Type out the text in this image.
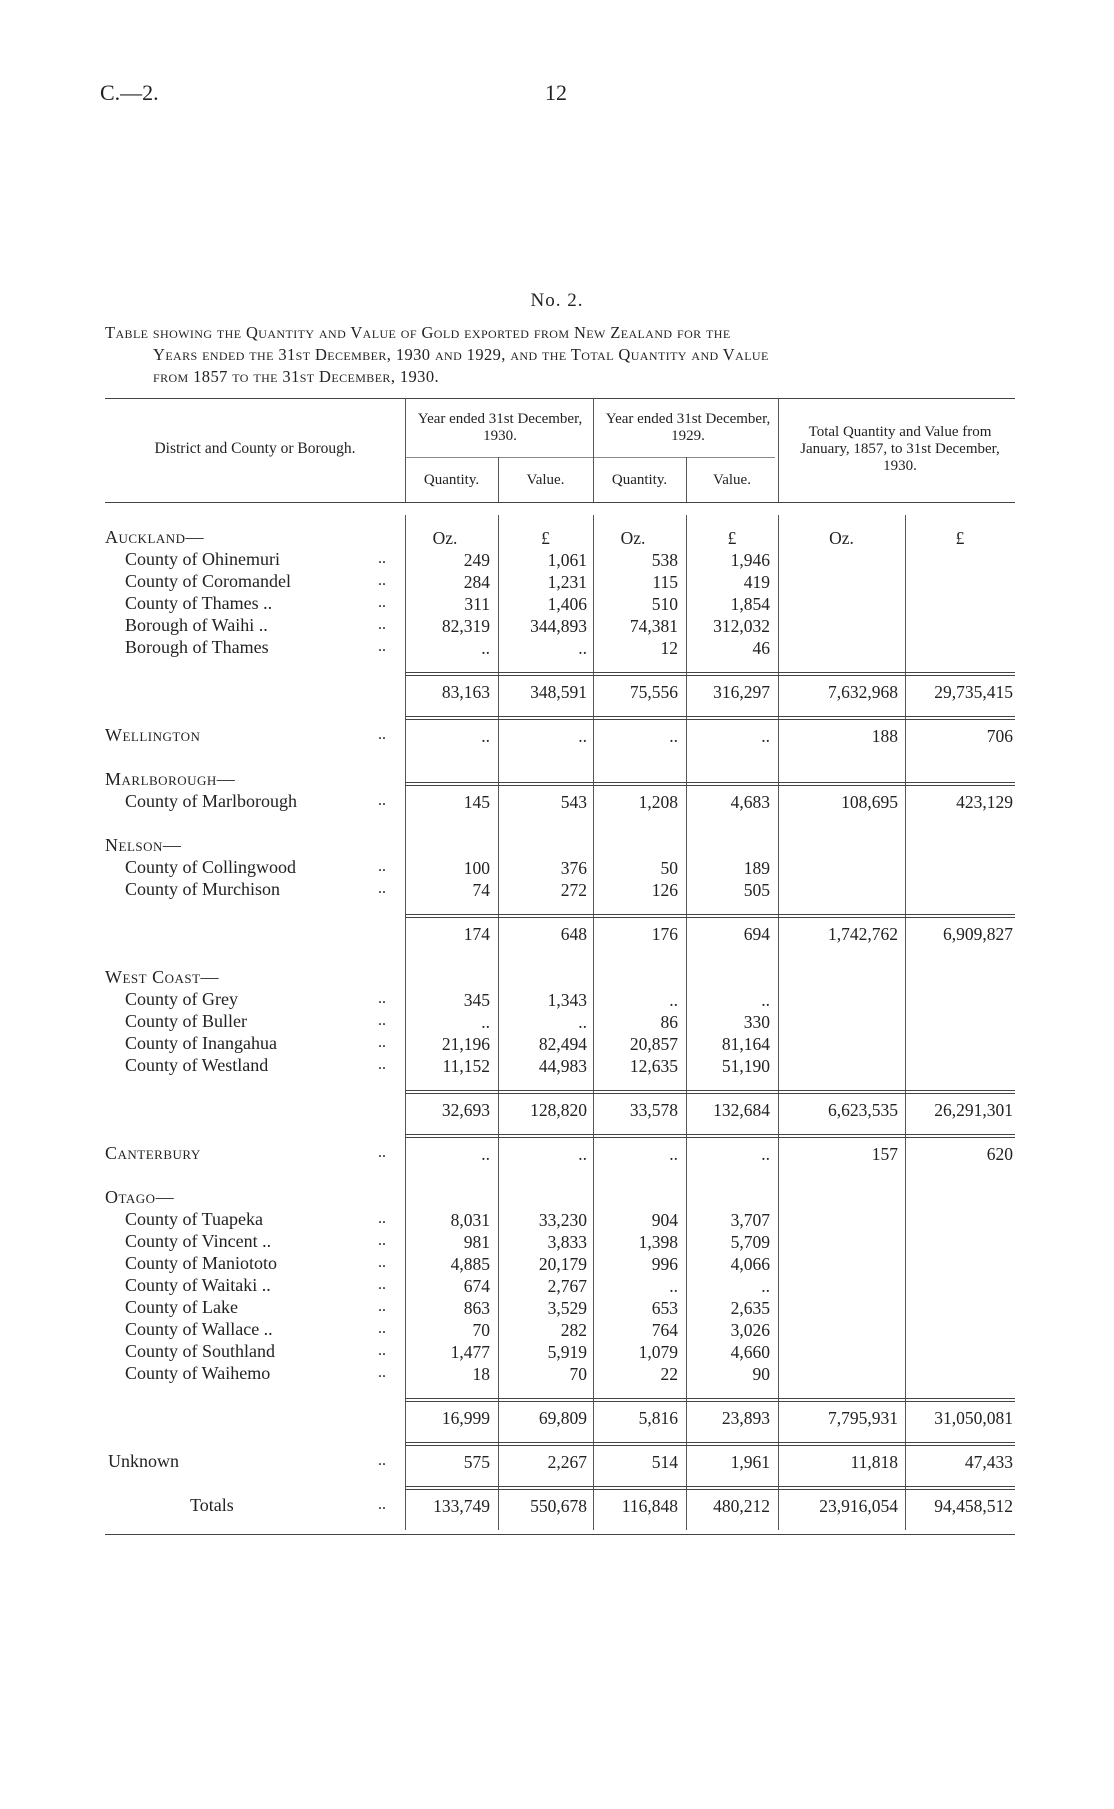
C.—2.	12
No. 2.
Table showing the Quantity and Value of Gold exported from New Zealand for the
Years ended the 31st December, 1930 and 1929, and the Total Quantity and Value
from 1857 to the 31st December, 1930.
District and County or Borough.
Year ended 31st December, 1930.
Year ended 31st December, 1929.	Total Quantity and Value from January, 1857, to 31st December, 1930.
Quantity.	Value.	Quantity.	Value.
Oz.	£	Oz.	£	Oz.	£
Auckland—
County of Ohinemuri	..	249	1,061	538	1,946
County of Coromandel	..	284	1,231	115	419
County of Thames ..	..	311	1,406	510	1,854
Borough of Waihi ..	..	82,319	344,893	74,381	312,032
Borough of Thames	..	..	..	12	46
83,163	348,591	75,556	316,297	7,632,968	29,735,415
Wellington	..	..	..	..	..	188	706
Marlborough—
County of Marlborough	..	145	543	1,208	4,683	108,695	423,129
Nelson—
County of Collingwood	..	100	376	50	189
County of Murchison	..	74	272	126	505
174	648	176	694	1,742,762	6,909,827
West Coast—
County of Grey	..	345	1,343	..	..
County of Buller	..	..	..	86	330
County of Inangahua	..	21,196	82,494	20,857	81,164
County of Westland	..	11,152	44,983	12,635	51,190
32,693	128,820	33,578	132,684	6,623,535	26,291,301
Canterbury	..	..	..	..	..	157	620
Otago—
County of Tuapeka	..	8,031	33,230	904	3,707
County of Vincent ..	..	981	3,833	1,398	5,709
County of Maniototo	..	4,885	20,179	996	4,066
County of Waitaki ..	..	674	2,767	..	..
County of Lake	..	863	3,529	653	2,635
County of Wallace ..	..	70	282	764	3,026
County of Southland	..	1,477	5,919	1,079	4,660
County of Waihemo	..	18	70	22	90
16,999	69,809	5,816	23,893	7,795,931	31,050,081
Unknown	..	575	2,267	514	1,961	11,818	47,433
Totals	..	133,749	550,678	116,848	480,212	23,916,054	94,458,512
